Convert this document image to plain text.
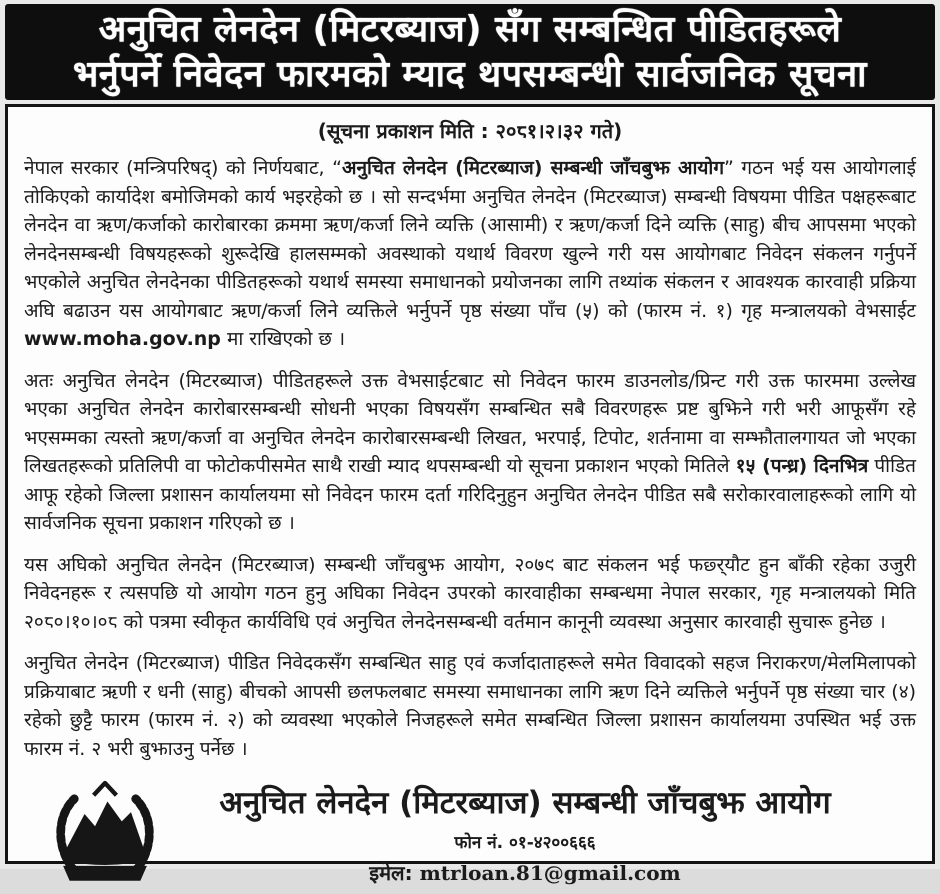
अनुचित लेनदेन (मिटरब्याज) सँग सम्बन्धित पीडितहरूले
भर्नुपर्ने निवेदन फारमको म्याद थपसम्बन्धी सार्वजनिक सूचना
(सूचना प्रकाशन मिति : २०८१।२।३२ गते)

नेपाल सरकार (मन्त्रिपरिषद्) को निर्णयबाट, “अनुचित लेनदेन (मिटरब्याज) सम्बन्धी जाँचबुझ आयोग” गठन भई यस आयोगलाई तोकिएको कार्यादेश बमोजिमको कार्य भइरहेको छ । सो सन्दर्भमा अनुचित लेनदेन (मिटरब्याज) सम्बन्धी विषयमा पीडित पक्षहरूबाट लेनदेन वा ऋण/कर्जाको कारोबारका क्रममा ऋण/कर्जा लिने व्यक्ति (आसामी) र ऋण/कर्जा दिने व्यक्ति (साहु) बीच आपसमा भएको लेनदेनसम्बन्धी विषयहरूको शुरूदेखि हालसम्मको अवस्थाको यथार्थ विवरण खुल्ने गरी यस आयोगबाट निवेदन संकलन गर्नुपर्ने भएकोले अनुचित लेनदेनका पीडितहरूको यथार्थ समस्या समाधानको प्रयोजनका लागि तथ्यांक संकलन र आवश्यक कारवाही प्रक्रिया अघि बढाउन यस आयोगबाट ऋण/कर्जा लिने व्यक्तिले भर्नुपर्ने पृष्ठ संख्या पाँच (५) को (फारम नं. १) गृह मन्त्रालयको वेभसाईट www.moha.gov.np मा राखिएको छ ।

अतः अनुचित लेनदेन (मिटरब्याज) पीडितहरूले उक्त वेभसाईटबाट सो निवेदन फारम डाउनलोड/प्रिन्ट गरी उक्त फारममा उल्लेख भएका अनुचित लेनदेन कारोबारसम्बन्धी सोधनी भएका विषयसँग सम्बन्धित सबै विवरणहरू प्रष्ट बुझिने गरी भरी आफूसँग रहे भएसम्मका त्यस्तो ऋण/कर्जा वा अनुचित लेनदेन कारोबारसम्बन्धी लिखत, भरपाई, टिपोट, शर्तनामा वा सम्झौतालगायत जो भएका लिखतहरूको प्रतिलिपी वा फोटोकपीसमेत साथै राखी म्याद थपसम्बन्धी यो सूचना प्रकाशन भएको मितिले १५ (पन्ध्र) दिनभित्र पीडित आफू रहेको जिल्ला प्रशासन कार्यालयमा सो निवेदन फारम दर्ता गरिदिनुहुन अनुचित लेनदेन पीडित सबै सरोकारवालाहरूको लागि यो सार्वजनिक सूचना प्रकाशन गरिएको छ ।

यस अघिको अनुचित लेनदेन (मिटरब्याज) सम्बन्धी जाँचबुझ आयोग, २०७९ बाट संकलन भई फछ्र्यौट हुन बाँकी रहेका उजुरी निवेदनहरू र त्यसपछि यो आयोग गठन हुनु अघिका निवेदन उपरको कारवाहीका सम्बन्धमा नेपाल सरकार, गृह मन्त्रालयको मिति २०८०।१०।०८ को पत्रमा स्वीकृत कार्यविधि एवं अनुचित लेनदेनसम्बन्धी वर्तमान कानूनी व्यवस्था अनुसार कारवाही सुचारू हुनेछ ।

अनुचित लेनदेन (मिटरब्याज) पीडित निवेदकसँग सम्बन्धित साहु एवं कर्जादाताहरूले समेत विवादको सहज निराकरण/मेलमिलापको प्रक्रियाबाट ऋणी र धनी (साहु) बीचको आपसी छलफलबाट समस्या समाधानका लागि ऋण दिने व्यक्तिले भर्नुपर्ने पृष्ठ संख्या चार (४) रहेको छुट्टै फारम (फारम नं. २) को व्यवस्था भएकोले निजहरूले समेत सम्बन्धित जिल्ला प्रशासन कार्यालयमा उपस्थित भई उक्त फारम नं. २ भरी बुझाउनु पर्नेछ ।

अनुचित लेनदेन (मिटरब्याज) सम्बन्धी जाँचबुझ आयोग
फोन नं. ०१-४२००६६६
इमेल: mtrloan.81@gmail.com
